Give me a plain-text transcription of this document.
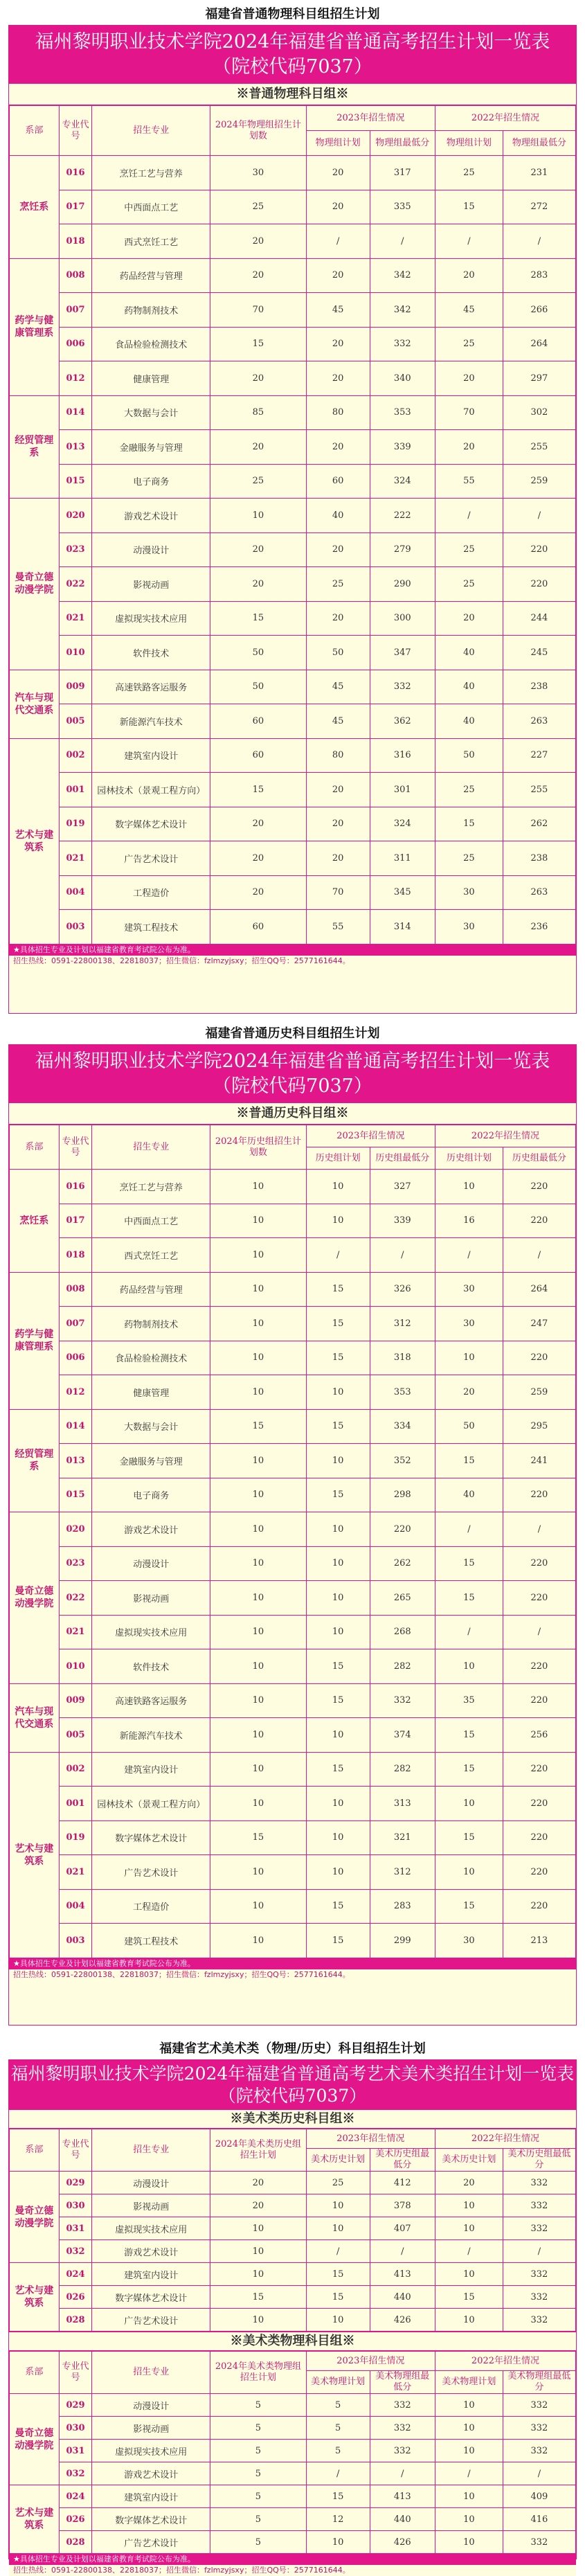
福建省普通物理科目组招生计划
福州黎明职业技术学院2024年福建省普通高考招生计划一览表
（院校代码7037）
※普通物理科目组※
系部	专业代号	招生专业	2024年物理组招生计划数	2023年招生情况		2022年招生情况	
				物理组计划	物理组最低分	物理组计划	物理组最低分
烹饪系	016	烹饪工艺与营养	30	20	317	25	231
	017	中西面点工艺	25	20	335	15	272
	018	西式烹饪工艺	20	/	/	/	/
药学与健康管理系	008	药品经营与管理	20	20	342	20	283
	007	药物制剂技术	70	45	342	45	266
	006	食品检验检测技术	15	20	332	25	264
	012	健康管理	20	20	340	20	297
经贸管理系	014	大数据与会计	85	80	353	70	302
	013	金融服务与管理	20	20	339	20	255
	015	电子商务	25	60	324	55	259
曼奇立德动漫学院	020	游戏艺术设计	10	40	222	/	/
	023	动漫设计	20	20	279	25	220
	022	影视动画	20	25	290	25	220
	021	虚拟现实技术应用	15	20	300	20	244
	010	软件技术	50	50	347	40	245
汽车与现代交通系	009	高速铁路客运服务	50	45	332	40	238
	005	新能源汽车技术	60	45	362	40	263
艺术与建筑系	002	建筑室内设计	60	80	316	50	227
	001	园林技术（景观工程方向）	15	20	301	25	255
	019	数字媒体艺术设计	20	20	324	15	262
	021	广告艺术设计	20	20	311	25	238
	004	工程造价	20	70	345	30	263
	003	建筑工程技术	60	55	314	30	236
★具体招生专业及计划以福建省教育考试院公布为准。
招生热线：0591-22800138、22818037；招生微信：fzlmzyjsxy；招生QQ号：2577161644。
福建省普通历史科目组招生计划
福州黎明职业技术学院2024年福建省普通高考招生计划一览表
（院校代码7037）
※普通历史科目组※
系部	专业代号	招生专业	2024年历史组招生计划数	2023年招生情况		2022年招生情况	
				历史组计划	历史组最低分	历史组计划	历史组最低分
烹饪系	016	烹饪工艺与营养	10	10	327	10	220
	017	中西面点工艺	10	10	339	16	220
	018	西式烹饪工艺	10	/	/	/	/
药学与健康管理系	008	药品经营与管理	10	15	326	30	264
	007	药物制剂技术	10	15	312	30	247
	006	食品检验检测技术	10	15	318	10	220
	012	健康管理	10	10	353	20	259
经贸管理系	014	大数据与会计	15	15	334	50	295
	013	金融服务与管理	10	10	352	15	241
	015	电子商务	10	15	298	40	220
曼奇立德动漫学院	020	游戏艺术设计	10	10	220	/	/
	023	动漫设计	10	10	262	15	220
	022	影视动画	10	10	265	15	220
	021	虚拟现实技术应用	10	10	268	/	/
	010	软件技术	10	15	282	10	220
汽车与现代交通系	009	高速铁路客运服务	10	15	332	35	220
	005	新能源汽车技术	10	10	374	15	256
艺术与建筑系	002	建筑室内设计	10	15	282	15	220
	001	园林技术（景观工程方向）	10	10	313	10	220
	019	数字媒体艺术设计	15	10	321	15	220
	021	广告艺术设计	10	10	312	10	220
	004	工程造价	10	15	283	15	220
	003	建筑工程技术	10	15	299	30	213
★具体招生专业及计划以福建省教育考试院公布为准。
招生热线：0591-22800138、22818037；招生微信：fzlmzyjsxy；招生QQ号：2577161644。
福建省艺术美术类（物理/历史）科目组招生计划
福州黎明职业技术学院2024年福建省普通高考艺术美术类招生计划一览表
（院校代码7037）
※美术类历史科目组※
系部	专业代号	招生专业	2024年美术类历史组招生计划	2023年招生情况		2022年招生情况	
				美术历史计划	美术历史组最低分	美术历史计划	美术历史组最低分
曼奇立德动漫学院	029	动漫设计	20	25	412	20	332
	030	影视动画	20	10	378	10	332
	031	虚拟现实技术应用	10	10	407	10	332
	032	游戏艺术设计	10	/	/	/	/
艺术与建筑系	024	建筑室内设计	10	15	413	10	332
	026	数字媒体艺术设计	15	15	440	15	332
	028	广告艺术设计	10	10	426	10	332
※美术类物理科目组※
系部	专业代号	招生专业	2024年美术类物理组招生计划	2023年招生情况		2022年招生情况	
				美术物理计划	美术物理组最低分	美术物理计划	美术物理组最低分
曼奇立德动漫学院	029	动漫设计	5	5	332	10	332
	030	影视动画	5	5	332	10	332
	031	虚拟现实技术应用	5	5	332	10	332
	032	游戏艺术设计	5	/	/	/	/
艺术与建筑系	024	建筑室内设计	5	15	413	10	409
	026	数字媒体艺术设计	5	12	440	10	416
	028	广告艺术设计	5	10	426	10	332
★具体招生专业及计划以福建省教育考试院公布为准。
招生热线：0591-22800138、22818037；招生微信：fzlmzyjsxy；招生QQ号：2577161644。
